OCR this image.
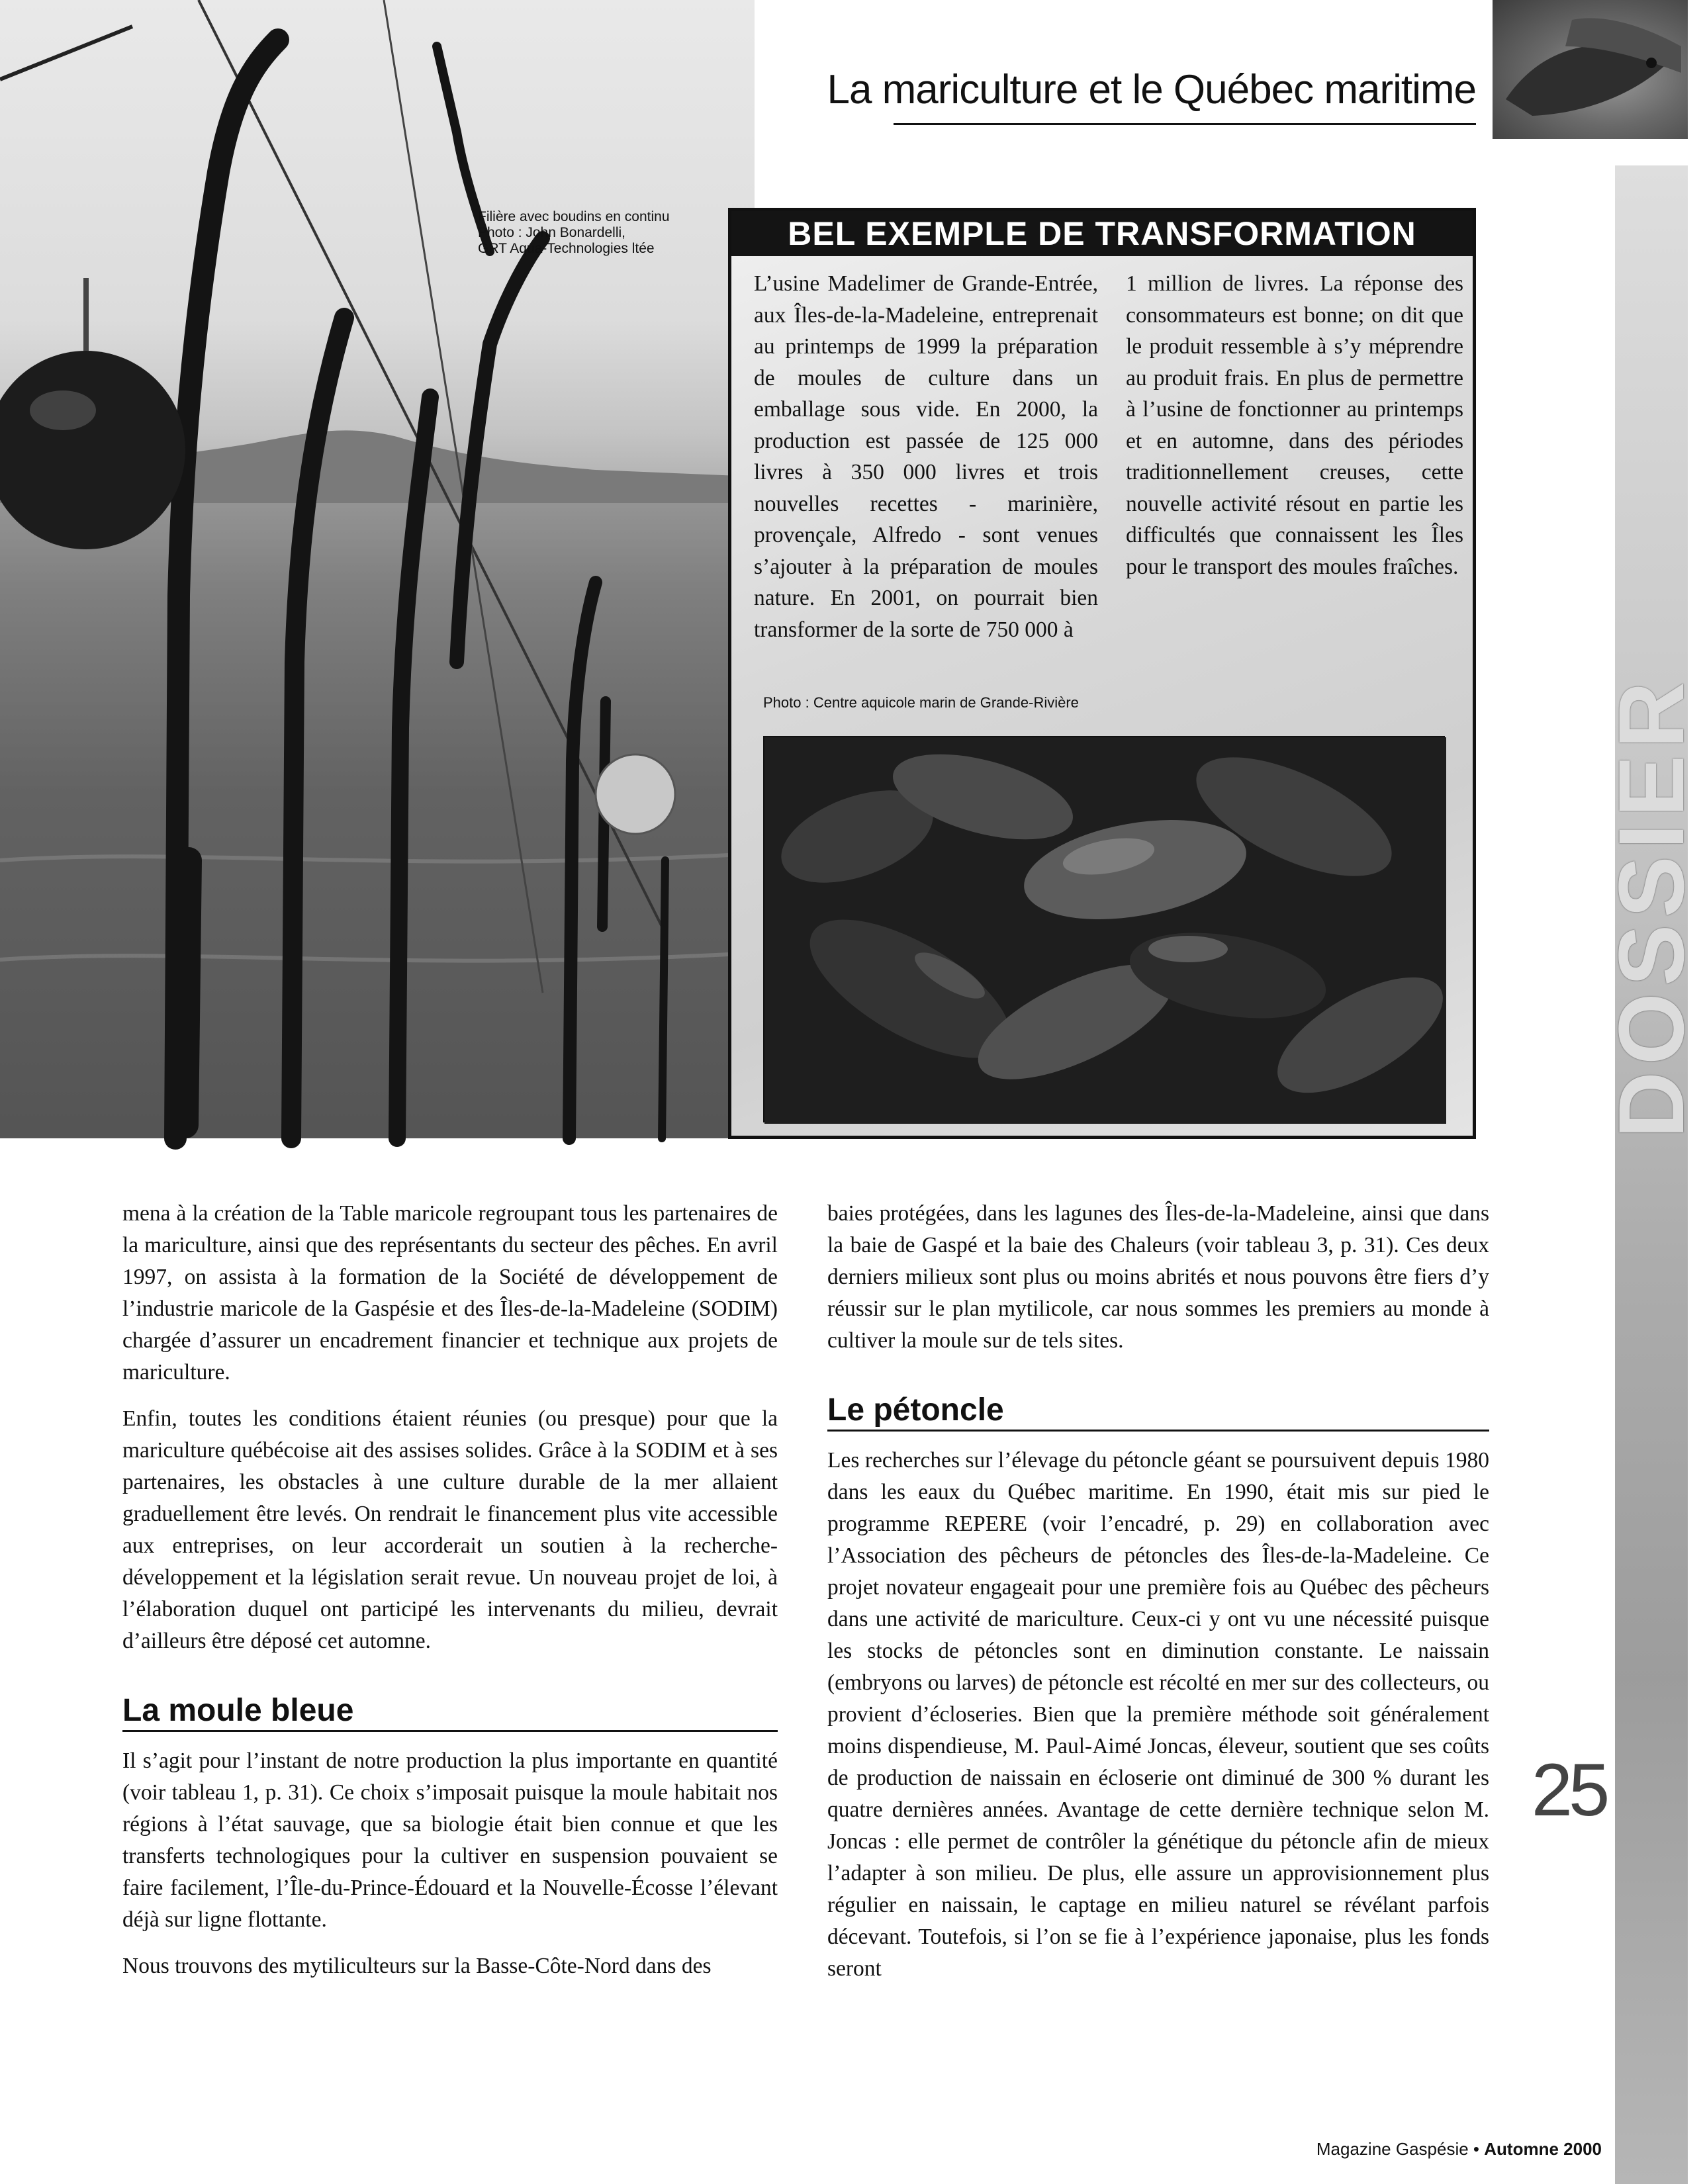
Filière avec boudins en continu
Photo : John Bonardelli,
GRT Aqua-Technologies ltée
La mariculture et le Québec maritime
BEL EXEMPLE DE TRANSFORMATION
L’usine Madelimer de Grande-Entrée, aux Îles-de-la-Madeleine, entreprenait au printemps de 1999 la préparation de moules de culture dans un emballage sous vide. En 2000, la production est passée de 125 000 livres à 350 000 livres et trois nouvelles recettes - marinière, provençale, Alfredo - sont venues s’ajouter à la préparation de moules nature. En 2001, on pourrait bien transformer de la sorte de 750 000 à
1 million de livres. La réponse des consommateurs est bonne; on dit que le produit ressemble à s’y méprendre au produit frais. En plus de permettre à l’usine de fonctionner au printemps et en automne, dans des périodes traditionnellement creuses, cette nouvelle activité résout en partie les difficultés que connaissent les Îles pour le transport des moules fraîches.
Photo : Centre aquicole marin de Grande-Rivière	DOSSIER
25

mena à la création de la Table maricole regroupant tous les partenaires de la mariculture, ainsi que des représentants du secteur des pêches. En avril 1997, on assista à la formation de la Société de développement de l’industrie maricole de la Gaspésie et des Îles-de-la-Madeleine (SODIM) chargée d’assurer un encadrement financier et technique aux projets de mariculture.

Enfin, toutes les conditions étaient réunies (ou presque) pour que la mariculture québécoise ait des assises solides. Grâce à la SODIM et à ses partenaires, les obstacles à une culture durable de la mer allaient graduellement être levés. On rendrait le financement plus vite accessible aux entreprises, on leur accorderait un soutien à la recherche-développement et la législation serait revue. Un nouveau projet de loi, à l’élaboration duquel ont participé les intervenants du milieu, devrait d’ailleurs être déposé cet automne.

La moule bleue

Il s’agit pour l’instant de notre production la plus importante en quantité (voir tableau 1, p. 31). Ce choix s’imposait puisque la moule habitait nos régions à l’état sauvage, que sa biologie était bien connue et que les transferts technologiques pour la cultiver en suspension pouvaient se faire facilement, l’Île-du-Prince-Édouard et la Nouvelle-Écosse l’élevant déjà sur ligne flottante.

Nous trouvons des mytiliculteurs sur la Basse-Côte-Nord dans des

baies protégées, dans les lagunes des Îles-de-la-Madeleine, ainsi que dans la baie de Gaspé et la baie des Chaleurs (voir tableau 3, p. 31). Ces deux derniers milieux sont plus ou moins abrités et nous pouvons être fiers d’y réussir sur le plan mytilicole, car nous sommes les premiers au monde à cultiver la moule sur de tels sites.

Le pétoncle

Les recherches sur l’élevage du pétoncle géant se poursuivent depuis 1980 dans les eaux du Québec maritime. En 1990, était mis sur pied le programme REPERE (voir l’encadré, p. 29) en collaboration avec l’Association des pêcheurs de pétoncles des Îles-de-la-Madeleine. Ce projet novateur engageait pour une première fois au Québec des pêcheurs dans une activité de mariculture. Ceux-ci y ont vu une nécessité puisque les stocks de pétoncles sont en diminution constante. Le naissain (embryons ou larves) de pétoncle est récolté en mer sur des collecteurs, ou provient d’écloseries. Bien que la première méthode soit généralement moins dispendieuse, M. Paul-Aimé Joncas, éleveur, soutient que ses coûts de production de naissain en écloserie ont diminué de 300 % durant les quatre dernières années. Avantage de cette dernière technique selon M. Joncas : elle permet de contrôler la génétique du pétoncle afin de mieux l’adapter à son milieu. De plus, elle assure un approvisionnement plus régulier en naissain, le captage en milieu naturel se révélant parfois décevant. Toutefois, si l’on se fie à l’expérience japonaise, plus les fonds seront

Magazine Gaspésie • Automne 2000
